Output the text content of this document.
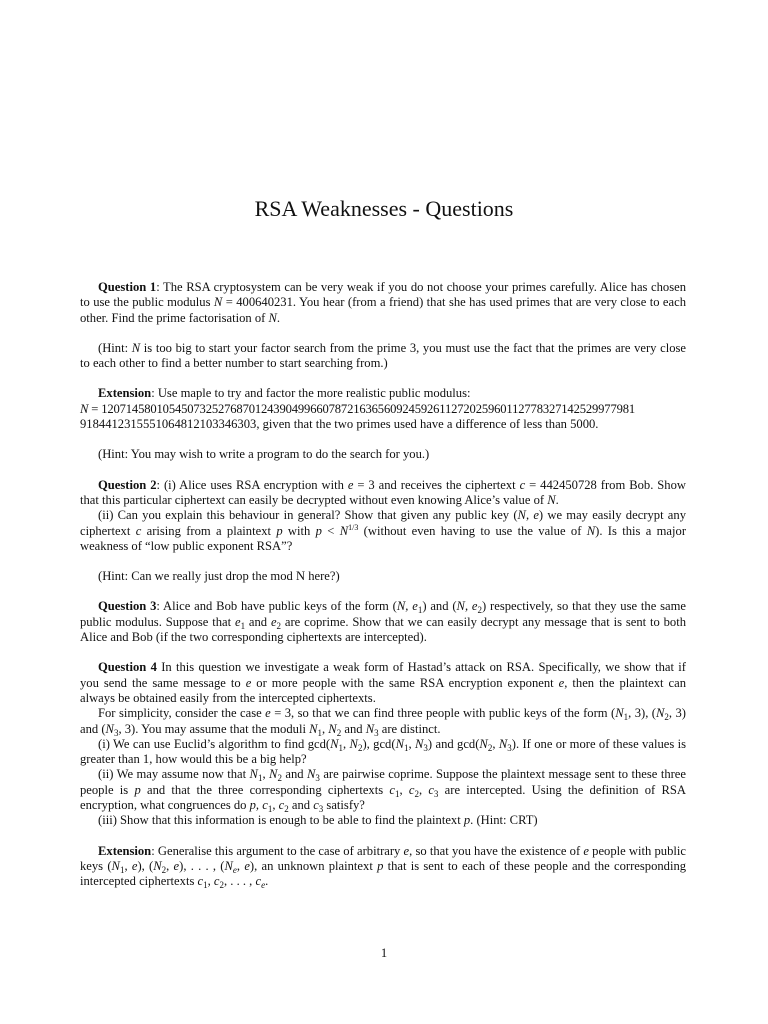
RSA Weaknesses - Questions

Question 1: The RSA cryptosystem can be very weak if you do not choose your primes carefully. Alice has chosen to use the public modulus N = 400640231. You hear (from a friend) that she has used primes that are very close to each other. Find the prime factorisation of N.

(Hint: N is too big to start your factor search from the prime 3, you must use the fact that the primes are very close to each other to find a better number to start searching from.)

Extension: Use maple to try and factor the more realistic public modulus:

N = 120714580105450732527687012439049966078721636560924592611272025960112778327142529977981

91844123155510648121033463​03, given that the two primes used have a difference of less than 5000.

(Hint: You may wish to write a program to do the search for you.)

Question 2: (i) Alice uses RSA encryption with e = 3 and receives the ciphertext c = 442450728 from Bob. Show that this particular ciphertext can easily be decrypted without even knowing Alice’s value of N.

(ii) Can you explain this behaviour in general? Show that given any public key (N, e) we may easily decrypt any ciphertext c arising from a plaintext p with $p < N^{1/3}$ (without even having to use the value of N). Is this a major weakness of “low public exponent RSA”?

(Hint: Can we really just drop the mod N here?)

Question 3: Alice and Bob have public keys of the form (N, $e_1$) and (N, $e_2$) respectively, so that they use the same public modulus. Suppose that $e_1$ and $e_2$ are coprime. Show that we can easily decrypt any message that is sent to both Alice and Bob (if the two corresponding ciphertexts are intercepted).

Question 4 In this question we investigate a weak form of Hastad’s attack on RSA. Specifically, we show that if you send the same message to e or more people with the same RSA encryption exponent e, then the plaintext can always be obtained easily from the intercepted ciphertexts.

For simplicity, consider the case e = 3, so that we can find three people with public keys of the form ($N_1$, 3), ($N_2$, 3) and ($N_3$, 3). You may assume that the moduli $N_1$, $N_2$ and $N_3$ are distinct.

(i) We can use Euclid’s algorithm to find $\gcd(N_1$, $N_2$), $\gcd(N_1$, $N_3$) and $\gcd(N_2$, $N_3$). If one or more of these values is greater than 1, how would this be a big help?

(ii) We may assume now that $N_1$, $N_2$ and $N_3$ are pairwise coprime. Suppose the plaintext message sent to these three people is p and that the three corresponding ciphertexts $c_1$, $c_2$, $c_3$ are intercepted. Using the definition of RSA encryption, what congruences do p, $c_1$, $c_2$ and $c_3$ satisfy?

(iii) Show that this information is enough to be able to find the plaintext p. (Hint: CRT)

Extension: Generalise this argument to the case of arbitrary e, so that you have the existence of e people with public keys ($N_1$, e), ($N_2$, e), . . . , ($N_e$, e), an unknown plaintext p that is sent to each of these people and the corresponding intercepted ciphertexts $c_1$, $c_2$, . . . , $c_e$.

1
